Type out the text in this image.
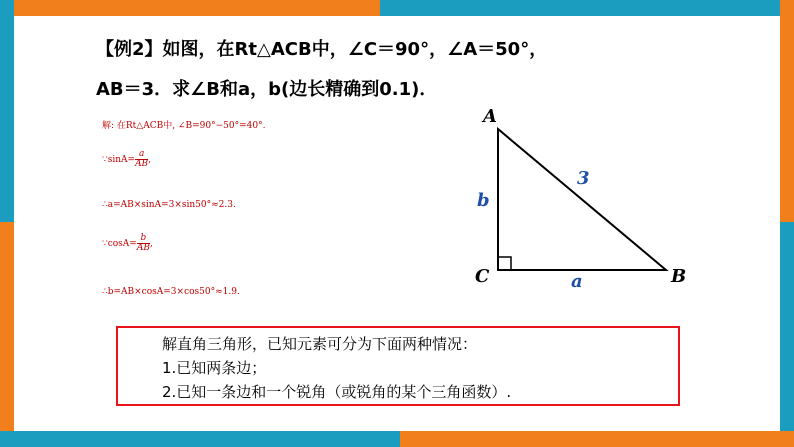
【例2】如图，在Rt△ACB中，∠C＝90°，∠A＝50°，
AB＝3．求∠B和a，b(边长精确到0.1)．
解: 在Rt△ACB中, ∠B=90°−50°=40°.
∵sinA= $\frac{a}{AB}$ ,
∴a=AB×sinA=3×sin50°≈2.3.
∵cosA= $\frac{b}{AB}$ ,
∴b=AB×cosA=3×cos50°≈1.9.
A
C	B
3
b
a
解直角三角形，已知元素可分为下面两种情况：
1.已知两条边；
2.已知一条边和一个锐角（或锐角的某个三角函数）.
